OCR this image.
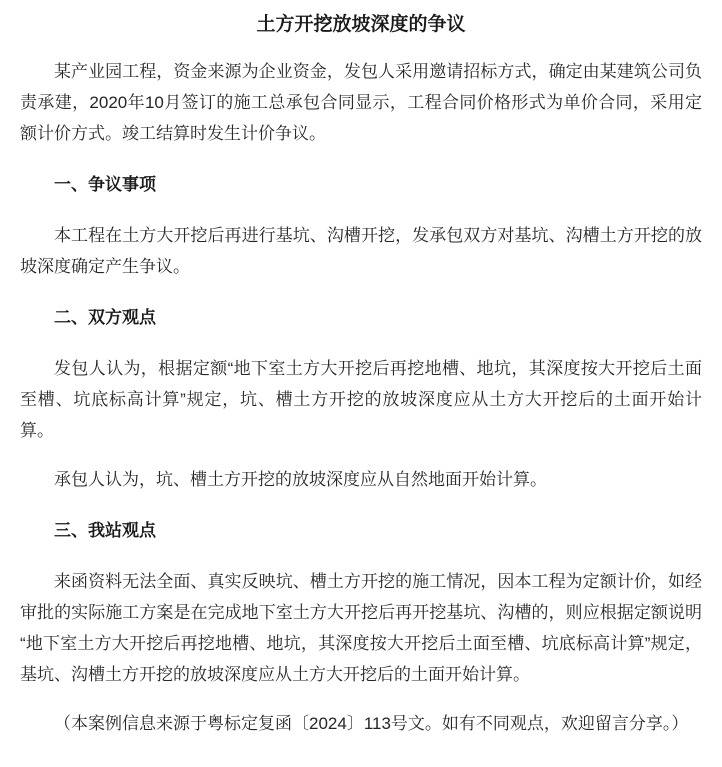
土方开挖放坡深度的争议

某产业园工程，资金来源为企业资金，发包人采用邀请招标方式，确定由某建筑公司负责承建，2020年10月签订的施工总承包合同显示，工程合同价格形式为单价合同，采用定额计价方式。竣工结算时发生计价争议。

一、争议事项

本工程在土方大开挖后再进行基坑、沟槽开挖，发承包双方对基坑、沟槽土方开挖的放坡深度确定产生争议。

二、双方观点

发包人认为，根据定额“地下室土方大开挖后再挖地槽、地坑，其深度按大开挖后土面至槽、坑底标高计算”规定，坑、槽土方开挖的放坡深度应从土方大开挖后的土面开始计算。

承包人认为，坑、槽土方开挖的放坡深度应从自然地面开始计算。

三、我站观点

来函资料无法全面、真实反映坑、槽土方开挖的施工情况，因本工程为定额计价，如经审批的实际施工方案是在完成地下室土方大开挖后再开挖基坑、沟槽的，则应根据定额说明“地下室土方大开挖后再挖地槽、地坑，其深度按大开挖后土面至槽、坑底标高计算”规定，基坑、沟槽土方开挖的放坡深度应从土方大开挖后的土面开始计算。

（本案例信息来源于粤标定复函〔2024〕113号文。如有不同观点，欢迎留言分享。）
